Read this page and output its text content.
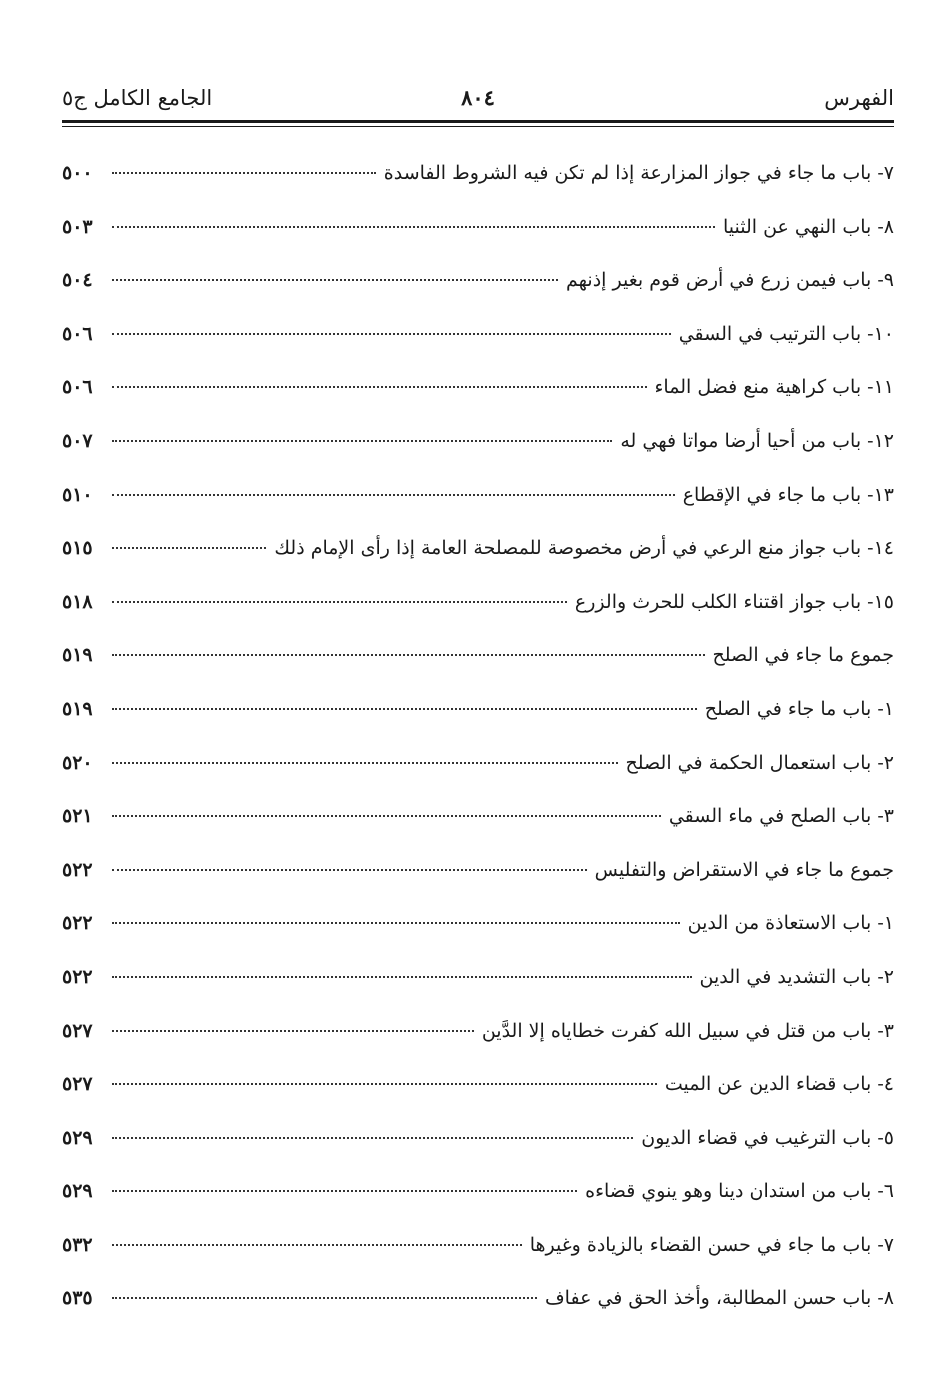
الفهرس
٨٠٤
الجامع الكامل ج٥
٧- باب ما جاء في جواز المزارعة إذا لم تكن فيه الشروط الفاسدة
٥٠٠
٨- باب النهي عن الثنيا
٥٠٣
٩- باب فيمن زرع في أرض قوم بغير إذنهم
٥٠٤
١٠- باب الترتيب في السقي
٥٠٦
١١- باب كراهية منع فضل الماء
٥٠٦
١٢- باب من أحيا أرضا مواتا فهي له
٥٠٧
١٣- باب ما جاء في الإقطاع
٥١٠
١٤- باب جواز منع الرعي في أرض مخصوصة للمصلحة العامة إذا رأى الإمام ذلك
٥١٥
١٥- باب جواز اقتناء الكلب للحرث والزرع
٥١٨
جموع ما جاء في الصلح
٥١٩
١- باب ما جاء في الصلح
٥١٩
٢- باب استعمال الحكمة في الصلح
٥٢٠
٣- باب الصلح في ماء السقي
٥٢١
جموع ما جاء في الاستقراض والتفليس
٥٢٢
١- باب الاستعاذة من الدين
٥٢٢
٢- باب التشديد في الدين
٥٢٢
٣- باب من قتل في سبيل الله كفرت خطاياه إلا الدَّين
٥٢٧
٤- باب قضاء الدين عن الميت
٥٢٧
٥- باب الترغيب في قضاء الديون
٥٢٩
٦- باب من استدان دينا وهو ينوي قضاءه
٥٢٩
٧- باب ما جاء في حسن القضاء بالزيادة وغيرها
٥٣٢
٨- باب حسن المطالبة، وأخذ الحق في عفاف
٥٣٥
